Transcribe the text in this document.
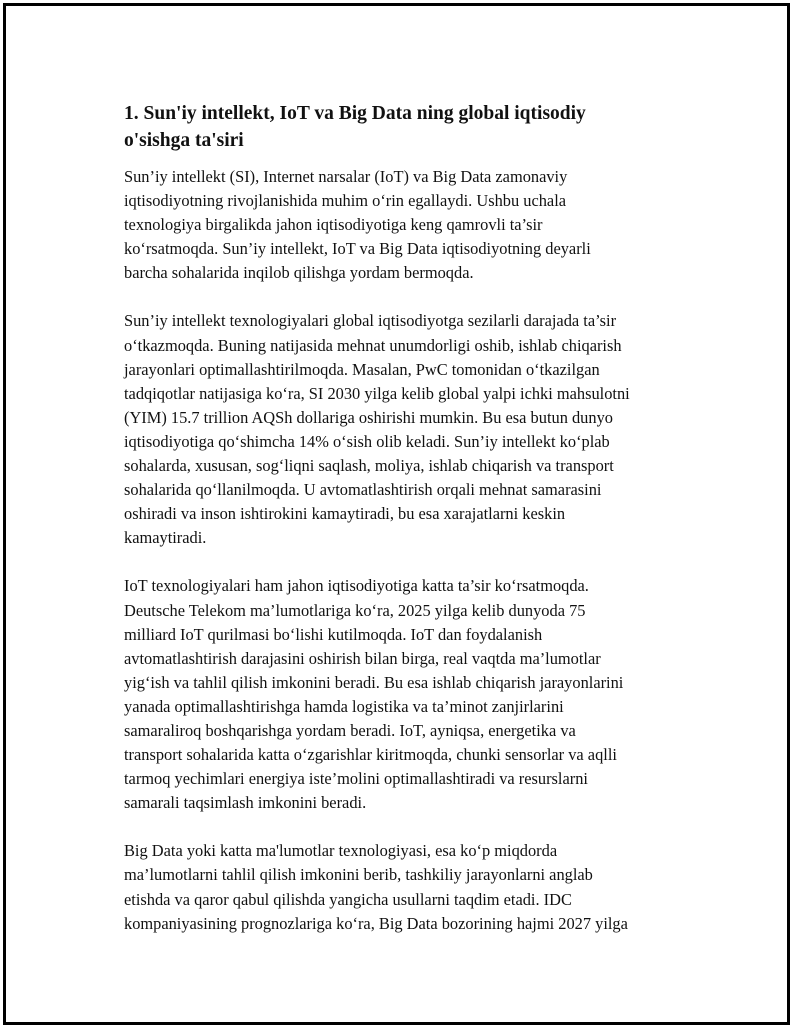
1. Sun'iy intellekt, IoT va Big Data ning global iqtisodiy
o'sishga ta'siri

Sun’iy intellekt (SI), Internet narsalar (IoT) va Big Data zamonaviy
iqtisodiyotning rivojlanishida muhim o‘rin egallaydi. Ushbu uchala
texnologiya birgalikda jahon iqtisodiyotiga keng qamrovli ta’sir
ko‘rsatmoqda. Sun’iy intellekt, IoT va Big Data iqtisodiyotning deyarli
barcha sohalarida inqilob qilishga yordam bermoqda.

Sun’iy intellekt texnologiyalari global iqtisodiyotga sezilarli darajada ta’sir
o‘tkazmoqda. Buning natijasida mehnat unumdorligi oshib, ishlab chiqarish
jarayonlari optimallashtirilmoqda. Masalan, PwC tomonidan o‘tkazilgan
tadqiqotlar natijasiga ko‘ra, SI 2030 yilga kelib global yalpi ichki mahsulotni
(YIM) 15.7 trillion AQSh dollariga oshirishi mumkin. Bu esa butun dunyo
iqtisodiyotiga qo‘shimcha 14% o‘sish olib keladi. Sun’iy intellekt ko‘plab
sohalarda, xususan, sog‘liqni saqlash, moliya, ishlab chiqarish va transport
sohalarida qo‘llanilmoqda. U avtomatlashtirish orqali mehnat samarasini
oshiradi va inson ishtirokini kamaytiradi, bu esa xarajatlarni keskin
kamaytiradi.

IoT texnologiyalari ham jahon iqtisodiyotiga katta ta’sir ko‘rsatmoqda.
Deutsche Telekom ma’lumotlariga ko‘ra, 2025 yilga kelib dunyoda 75
milliard IoT qurilmasi bo‘lishi kutilmoqda. IoT dan foydalanish
avtomatlashtirish darajasini oshirish bilan birga, real vaqtda ma’lumotlar
yig‘ish va tahlil qilish imkonini beradi. Bu esa ishlab chiqarish jarayonlarini
yanada optimallashtirishga hamda logistika va ta’minot zanjirlarini
samaraliroq boshqarishga yordam beradi. IoT, ayniqsa, energetika va
transport sohalarida katta o‘zgarishlar kiritmoqda, chunki sensorlar va aqlli
tarmoq yechimlari energiya iste’molini optimallashtiradi va resurslarni
samarali taqsimlash imkonini beradi.

Big Data yoki katta ma'lumotlar texnologiyasi, esa ko‘p miqdorda
ma’lumotlarni tahlil qilish imkonini berib, tashkiliy jarayonlarni anglab
etishda va qaror qabul qilishda yangicha usullarni taqdim etadi. IDC
kompaniyasining prognozlariga ko‘ra, Big Data bozorining hajmi 2027 yilga
